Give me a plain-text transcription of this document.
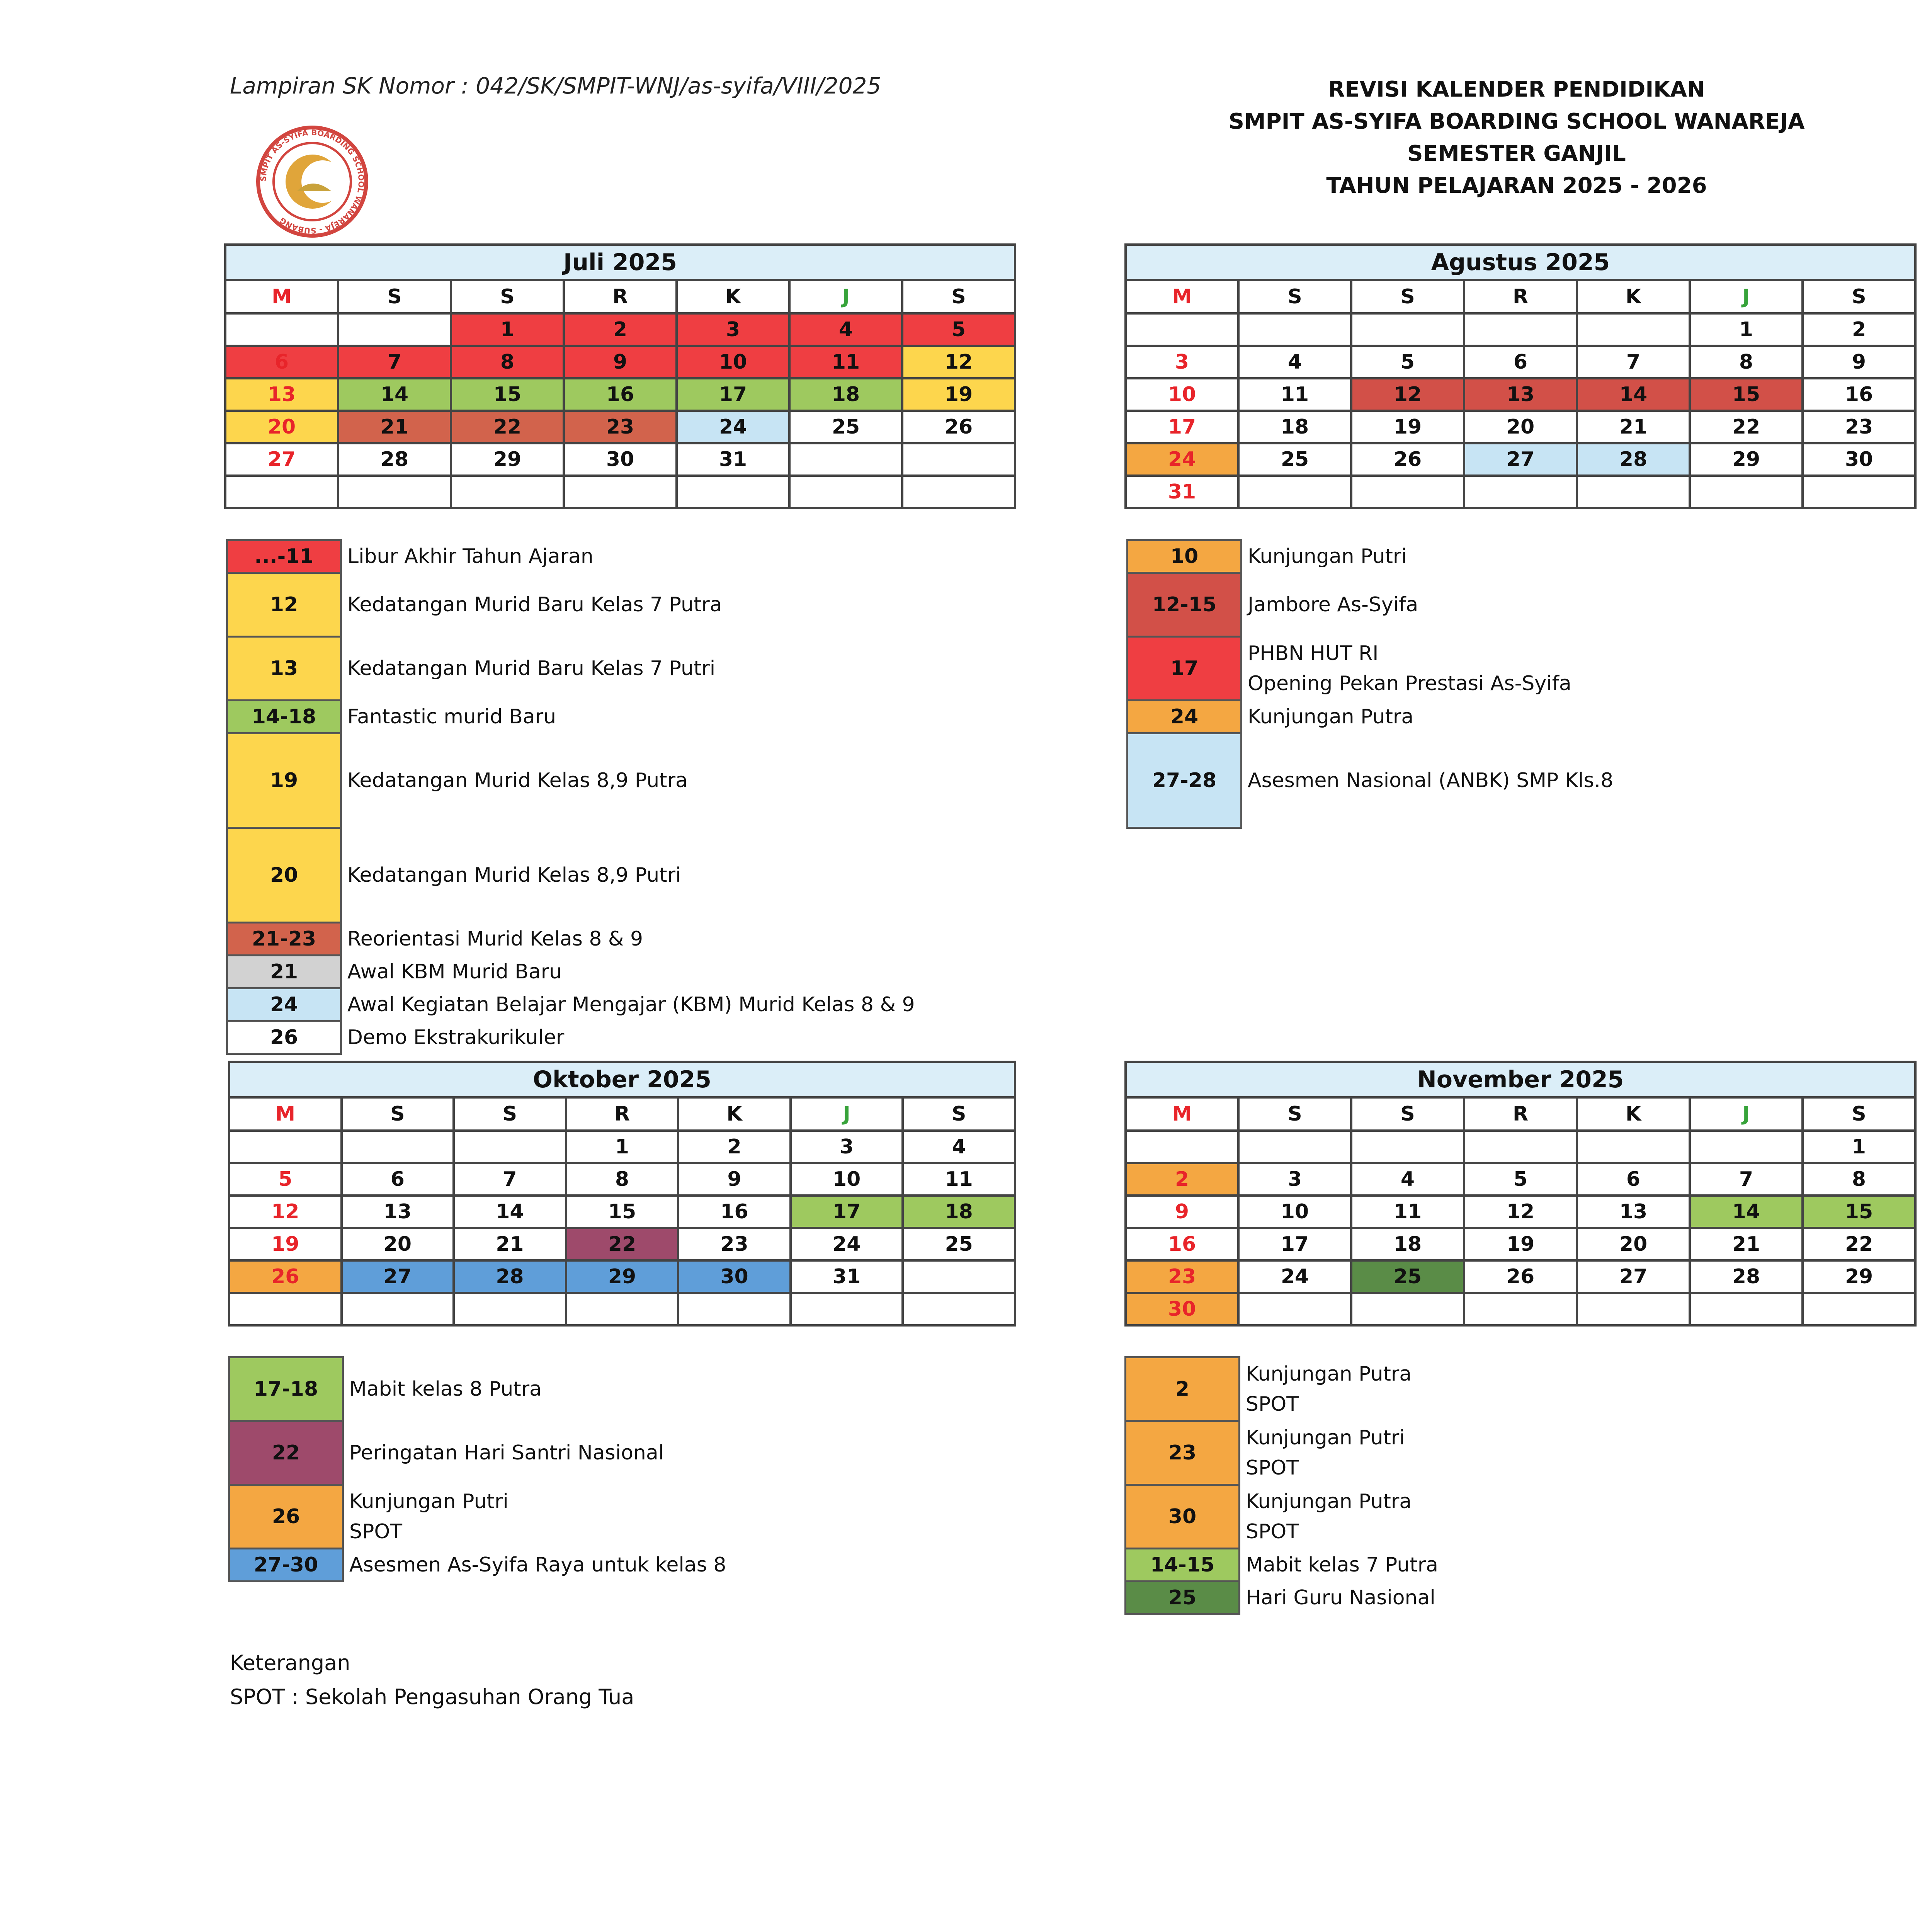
Lampiran SK Nomor : 042/SK/SMPIT-WNJ/as-syifa/VIII/2025	REVISI KALENDER PENDIDIKAN
SMPIT AS-SYIFA BOARDING SCHOOL WANAREJA
SEMESTER GANJIL
TAHUN PELAJARAN 2025 - 2026
SMPIT AS-SYIFA BOARDING SCHOOL WANAREJA - SUBANG
Juli 2025						
M	S	S	R	K	J	S
		1	2	3	4	5
6	7	8	9	10	11	12
13	14	15	16	17	18	19
20	21	22	23	24	25	26
27	28	29	30	31		

Agustus 2025						
M	S	S	R	K	J	S
					1	2
3	4	5	6	7	8	9
10	11	12	13	14	15	16
17	18	19	20	21	22	23
24	25	26	27	28	29	30
31						

Oktober 2025						
M	S	S	R	K	J	S
			1	2	3	4
5	6	7	8	9	10	11
12	13	14	15	16	17	18
19	20	21	22	23	24	25
26	27	28	29	30	31	

November 2025						
M	S	S	R	K	J	S
						1
2	3	4	5	6	7	8
9	10	11	12	13	14	15
16	17	18	19	20	21	22
23	24	25	26	27	28	29
30						

...-11	Libur Akhir Tahun Ajaran

12	Kedatangan Murid Baru Kelas 7 Putra

13	Kedatangan Murid Baru Kelas 7 Putri

14-18	Fantastic murid Baru

19	Kedatangan Murid Kelas 8,9 Putra

20	Kedatangan Murid Kelas 8,9 Putri

21-23	Reorientasi Murid Kelas 8 & 9

21	Awal KBM Murid Baru

24	Awal Kegiatan Belajar Mengajar (KBM) Murid Kelas 8 & 9

26	Demo Ekstrakurikuler
10	Kunjungan Putri

12-15	Jambore As-Syifa

17	PHBN HUT RI
Opening Pekan Prestasi As-Syifa

24	Kunjungan Putra

27-28	Asesmen Nasional (ANBK) SMP Kls.8

17-18	Mabit kelas 8 Putra

22	Peringatan Hari Santri Nasional

26	Kunjungan Putri
SPOT

27-30	Asesmen As-Syifa Raya untuk kelas 8
2	Kunjungan Putra
SPOT

23	Kunjungan Putri
SPOT

30	Kunjungan Putra
SPOT

14-15	Mabit kelas 7 Putra

25	Hari Guru Nasional

Keterangan
SPOT : Sekolah Pengasuhan Orang Tua
